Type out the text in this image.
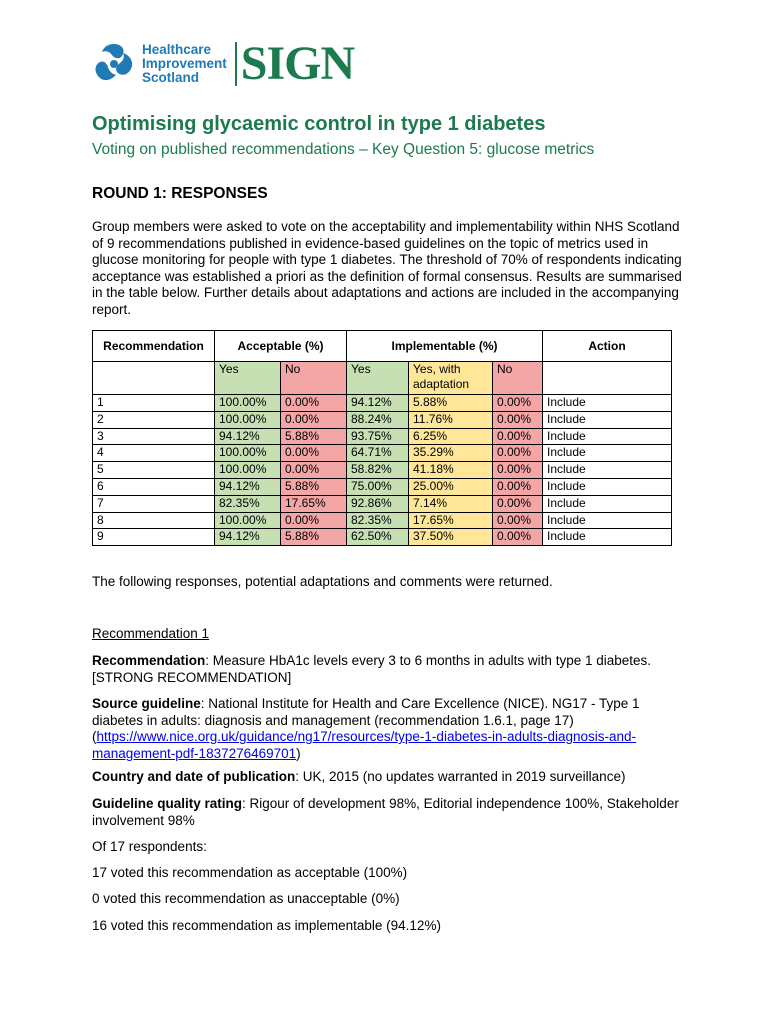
Healthcare
Improvement
Scotland SIGN
Optimising glycaemic control in type 1 diabetes
Voting on published recommendations – Key Question 5: glucose metrics
ROUND 1: RESPONSES
Group members were asked to vote on the acceptability and implementability within NHS Scotland of 9 recommendations published in evidence-based guidelines on the topic of metrics used in glucose monitoring for people with type 1 diabetes. The threshold of 70% of respondents indicating acceptance was established a priori as the definition of formal consensus. Results are summarised in the table below. Further details about adaptations and actions are included in the accompanying report.
Recommendation	Acceptable (%)		Implementable (%)			Action
	Yes	No	Yes	Yes, with adaptation	No	
1	100.00%	0.00%	94.12%	5.88%	0.00%	Include
2	100.00%	0.00%	88.24%	11.76%	0.00%	Include
3	94.12%	5.88%	93.75%	6.25%	0.00%	Include
4	100.00%	0.00%	64.71%	35.29%	0.00%	Include
5	100.00%	0.00%	58.82%	41.18%	0.00%	Include
6	94.12%	5.88%	75.00%	25.00%	0.00%	Include
7	82.35%	17.65%	92.86%	7.14%	0.00%	Include
8	100.00%	0.00%	82.35%	17.65%	0.00%	Include
9	94.12%	5.88%	62.50%	37.50%	0.00%	Include
The following responses, potential adaptations and comments were returned.
Recommendation 1
Recommendation: Measure HbA1c levels every 3 to 6 months in adults with type 1 diabetes. [STRONG RECOMMENDATION]
Source guideline: National Institute for Health and Care Excellence (NICE). NG17 - Type 1 diabetes in adults: diagnosis and management (recommendation 1.6.1, page 17)
(https://www.nice.org.uk/guidance/ng17/resources/type-1-diabetes-in-adults-diagnosis-and-management-pdf-1837276469701)
Country and date of publication: UK, 2015 (no updates warranted in 2019 surveillance)
Guideline quality rating: Rigour of development 98%, Editorial independence 100%, Stakeholder involvement 98%
Of 17 respondents:
17 voted this recommendation as acceptable (100%)
0 voted this recommendation as unacceptable (0%)
16 voted this recommendation as implementable (94.12%)
